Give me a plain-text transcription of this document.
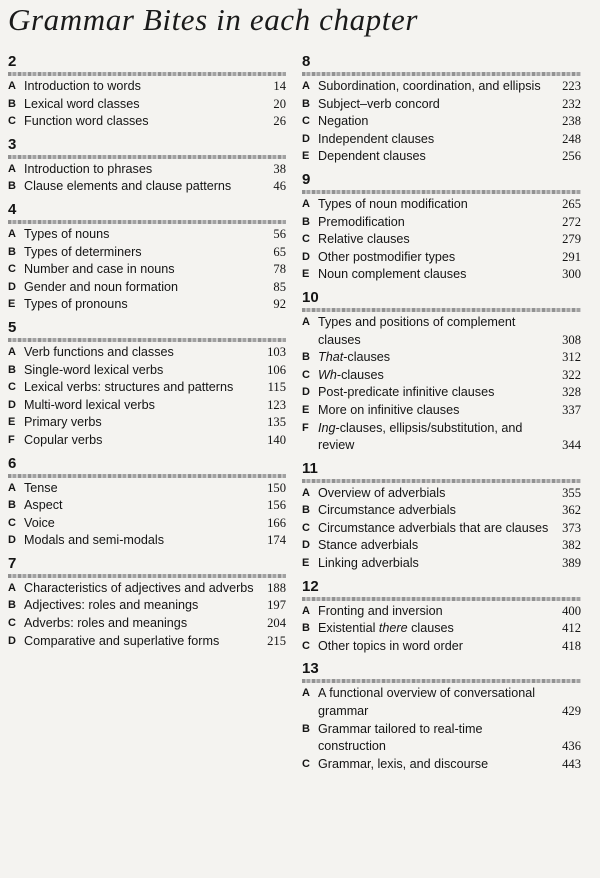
Grammar Bites in each chapter
2
A Introduction to words	14
B Lexical word classes	20
C Function word classes	26
3
A Introduction to phrases	38
B Clause elements and clause patterns	46
4
A Types of nouns	56
B Types of determiners	65
C Number and case in nouns	78
D Gender and noun formation	85
E Types of pronouns	92
5
A Verb functions and classes	103
B Single-word lexical verbs	106
C Lexical verbs: structures and patterns	115
D Multi-word lexical verbs	123
E Primary verbs	135
F Copular verbs	140
6
A Tense	150
B Aspect	156
C Voice	166
D Modals and semi-modals	174
7
A Characteristics of adjectives and adverbs	188
B Adjectives: roles and meanings	197
C Adverbs: roles and meanings	204
D Comparative and superlative forms	215
8
A Subordination, coordination, and ellipsis	223
B Subject–verb concord	232
C Negation	238
D Independent clauses	248
E Dependent clauses	256
9
A Types of noun modification	265
B Premodification	272
C Relative clauses	279
D Other postmodifier types	291
E Noun complement clauses	300
10
A Types and positions of complement clauses	308
B That-clauses	312
C Wh-clauses	322
D Post-predicate infinitive clauses	328
E More on infinitive clauses	337
F Ing-clauses, ellipsis/substitution, and review	344
11
A Overview of adverbials	355
B Circumstance adverbials	362
C Circumstance adverbials that are clauses	373
D Stance adverbials	382
E Linking adverbials	389
12
A Fronting and inversion	400
B Existential there clauses	412
C Other topics in word order	418
13
A A functional overview of conversational grammar	429
B Grammar tailored to real-time construction	436
C Grammar, lexis, and discourse	443
